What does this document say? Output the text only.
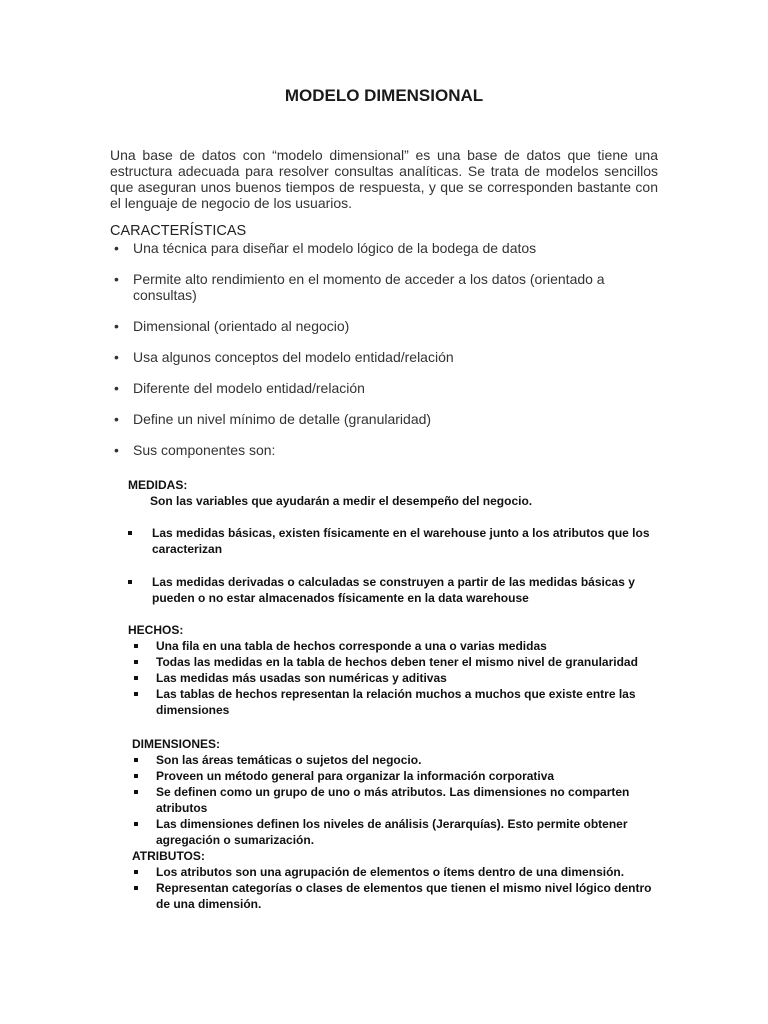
MODELO DIMENSIONAL
Una base de datos con “modelo dimensional” es una base de datos que tiene una estructura adecuada para resolver consultas analíticas. Se trata de modelos sencillos que aseguran unos buenos tiempos de respuesta, y que se corresponden bastante con el lenguaje de negocio de los usuarios.
CARACTERÍSTICAS
• Una técnica para diseñar el modelo lógico de la bodega de datos
• Permite alto rendimiento en el momento de acceder a los datos (orientado a consultas)
• Dimensional (orientado al negocio)
• Usa algunos conceptos del modelo entidad/relación
• Diferente del modelo entidad/relación
• Define un nivel mínimo de detalle (granularidad)
• Sus componentes son:
MEDIDAS:
Son las variables que ayudarán a medir el desempeño del negocio.
Las medidas básicas, existen físicamente en el warehouse junto a los atributos que los caracterizan
Las medidas derivadas o calculadas se construyen a partir de las medidas básicas y pueden o no estar almacenados físicamente en la data warehouse
HECHOS:
Una fila en una tabla de hechos corresponde a una o varias medidas
Todas las medidas en la tabla de hechos deben tener el mismo nivel de granularidad
Las medidas más usadas son numéricas y aditivas
Las tablas de hechos representan la relación muchos a muchos que existe entre las dimensiones
DIMENSIONES:
Son las áreas temáticas o sujetos del negocio.
Proveen un método general para organizar la información corporativa
Se definen como un grupo de uno o más atributos. Las dimensiones no comparten atributos
Las dimensiones definen los niveles de análisis (Jerarquías). Esto permite obtener agregación o sumarización.
ATRIBUTOS:
Los atributos son una agrupación de elementos o ítems dentro de una dimensión.
Representan categorías o clases de elementos que tienen el mismo nivel lógico dentro de una dimensión.
